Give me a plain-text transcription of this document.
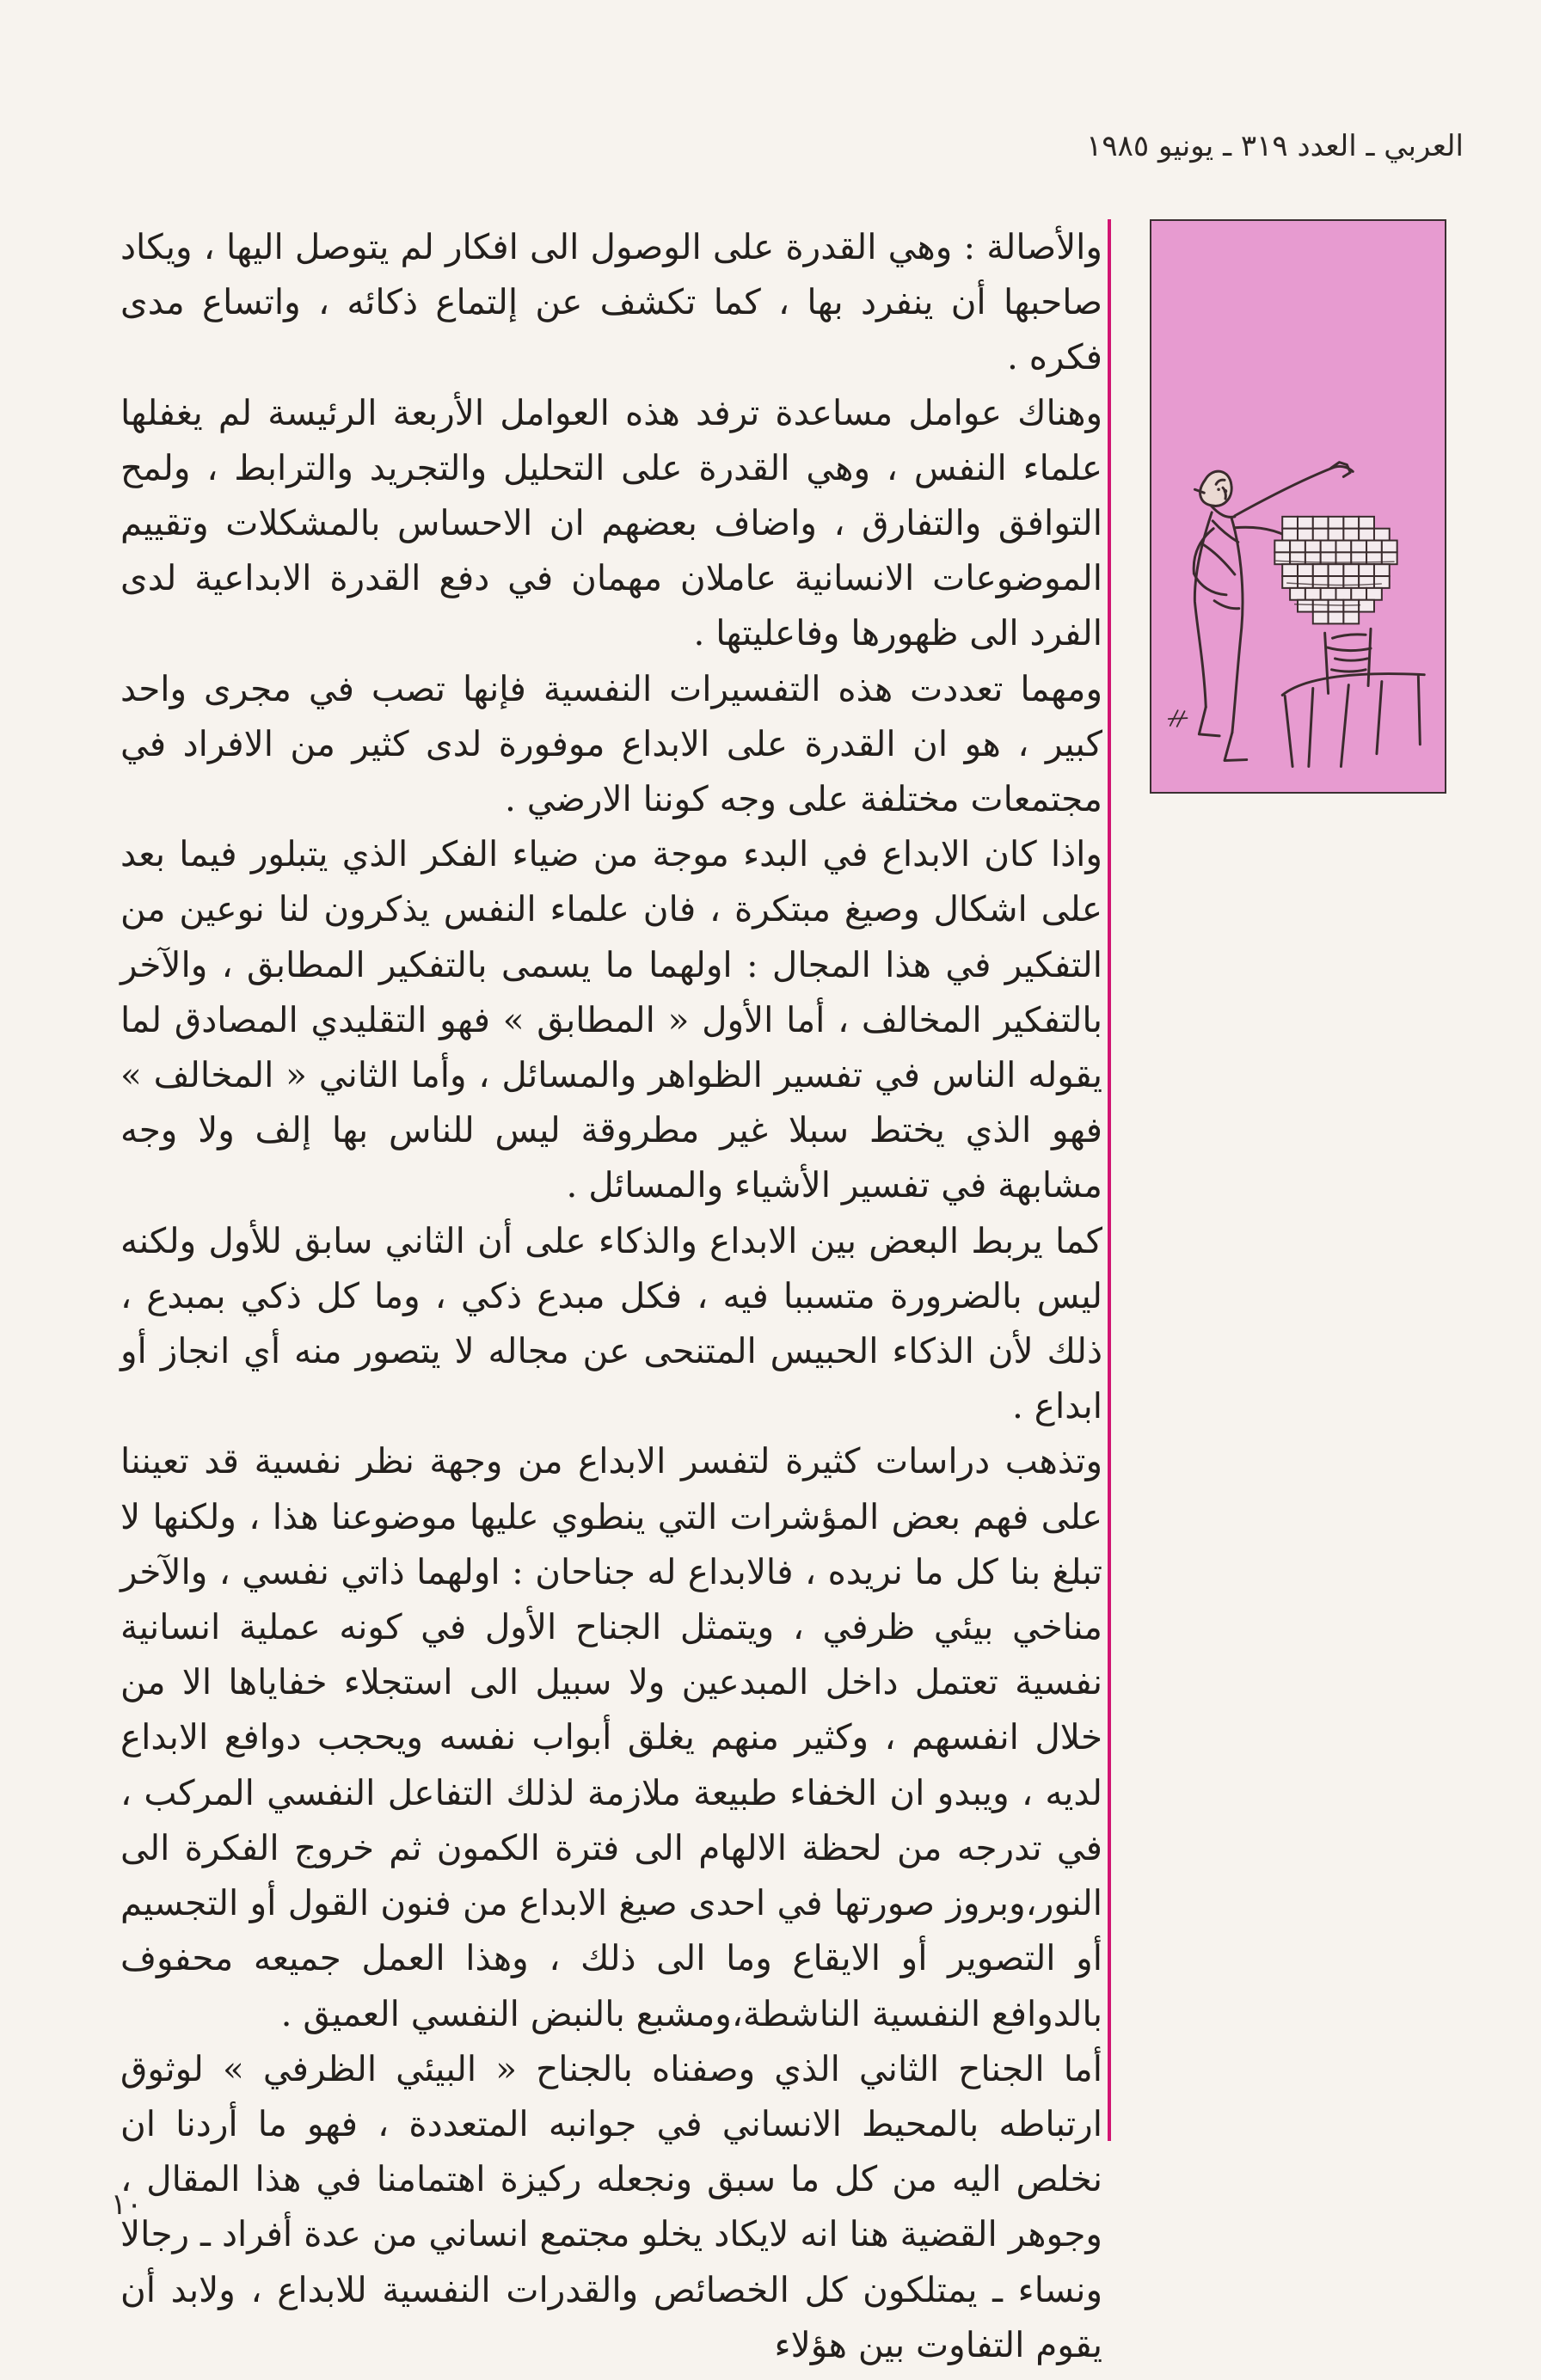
العربي ـ العدد ٣١٩ ـ يونيو ١٩٨٥

والأصالة : وهي القدرة على الوصول الى افكار لم يتوصل اليها ، ويكاد صاحبها أن ينفرد بها ، كما تكشف عن إلتماع ذكائه ، واتساع مدى فكره .

وهناك عوامل مساعدة ترفد هذه العوامل الأربعة الرئيسة لم يغفلها علماء النفس ، وهي القدرة على التحليل والتجريد والترابط ، ولمح التوافق والتفارق ، واضاف بعضهم ان الاحساس بالمشكلات وتقييم الموضوعات الانسانية عاملان مهمان في دفع القدرة الابداعية لدى الفرد الى ظهورها وفاعليتها .

ومهما تعددت هذه التفسيرات النفسية فإنها تصب في مجرى واحد كبير ، هو ان القدرة على الابداع موفورة لدى كثير من الافراد في مجتمعات مختلفة على وجه كوننا الارضي .

واذا كان الابداع في البدء موجة من ضياء الفكر الذي يتبلور فيما بعد على اشكال وصيغ مبتكرة ، فان علماء النفس يذكرون لنا نوعين من التفكير في هذا المجال : اولهما ما يسمى بالتفكير المطابق ، والآخر بالتفكير المخالف ، أما الأول « المطابق » فهو التقليدي المصادق لما يقوله الناس في تفسير الظواهر والمسائل ، وأما الثاني « المخالف » فهو الذي يختط سبلا غير مطروقة ليس للناس بها إلف ولا وجه مشابهة في تفسير الأشياء والمسائل .

كما يربط البعض بين الابداع والذكاء على أن الثاني سابق للأول ولكنه ليس بالضرورة متسببا فيه ، فكل مبدع ذكي ، وما كل ذكي بمبدع ، ذلك لأن الذكاء الحبيس المتنحى عن مجاله لا يتصور منه أي انجاز أو ابداع .

وتذهب دراسات كثيرة لتفسر الابداع من وجهة نظر نفسية قد تعيننا على فهم بعض المؤشرات التي ينطوي عليها موضوعنا هذا ، ولكنها لا تبلغ بنا كل ما نريده ، فالابداع له جناحان : اولهما ذاتي نفسي ، والآخر مناخي بيئي ظرفي ، ويتمثل الجناح الأول في كونه عملية انسانية نفسية تعتمل داخل المبدعين ولا سبيل الى استجلاء خفاياها الا من خلال انفسهم ، وكثير منهم يغلق أبواب نفسه ويحجب دوافع الابداع لديه ، ويبدو ان الخفاء طبيعة ملازمة لذلك التفاعل النفسي المركب ، في تدرجه من لحظة الالهام الى فترة الكمون ثم خروج الفكرة الى النور،وبروز صورتها في احدى صيغ الابداع من فنون القول أو التجسيم أو التصوير أو الايقاع وما الى ذلك ، وهذا العمل جميعه محفوف بالدوافع النفسية الناشطة،ومشبع بالنبض النفسي العميق .

أما الجناح الثاني الذي وصفناه بالجناح « البيئي الظرفي » لوثوق ارتباطه بالمحيط الانساني في جوانبه المتعددة ، فهو ما أردنا ان نخلص اليه من كل ما سبق ونجعله ركيزة اهتمامنا في هذا المقال ، وجوهر القضية هنا انه لايكاد يخلو مجتمع انساني من عدة أفراد ـ رجالا ونساء ـ يمتلكون كل الخصائص والقدرات النفسية للابداع ، ولابد أن يقوم التفاوت بين هؤلاء

١٠
